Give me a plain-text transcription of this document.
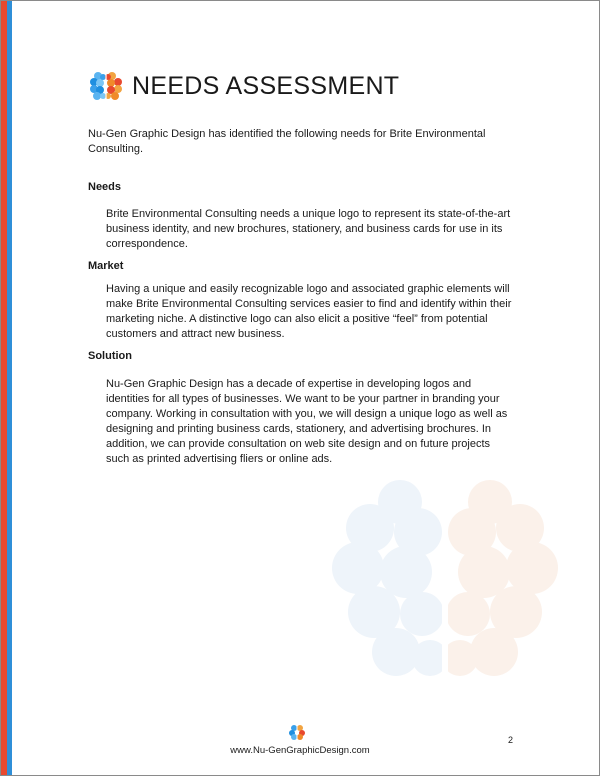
NEEDS ASSESSMENT

Nu-Gen Graphic Design has identified the following needs for Brite Environmental Consulting.

Needs

Brite Environmental Consulting needs a unique logo to represent its state-of-the-art business identity, and new brochures, stationery, and business cards for use in its correspondence.

Market

Having a unique and easily recognizable logo and associated graphic elements will make Brite Environmental Consulting services easier to find and identify within their marketing niche. A distinctive logo can also elicit a positive “feel” from potential customers and attract new business.

Solution

Nu-Gen Graphic Design has a decade of expertise in developing logos and identities for all types of businesses. We want to be your partner in branding your company. Working in consultation with you, we will design a unique logo as well as designing and printing business cards, stationery, and advertising brochures. In addition, we can provide consultation on web site design and on future projects such as printed advertising fliers or online ads.

www.Nu-GenGraphicDesign.com
2
